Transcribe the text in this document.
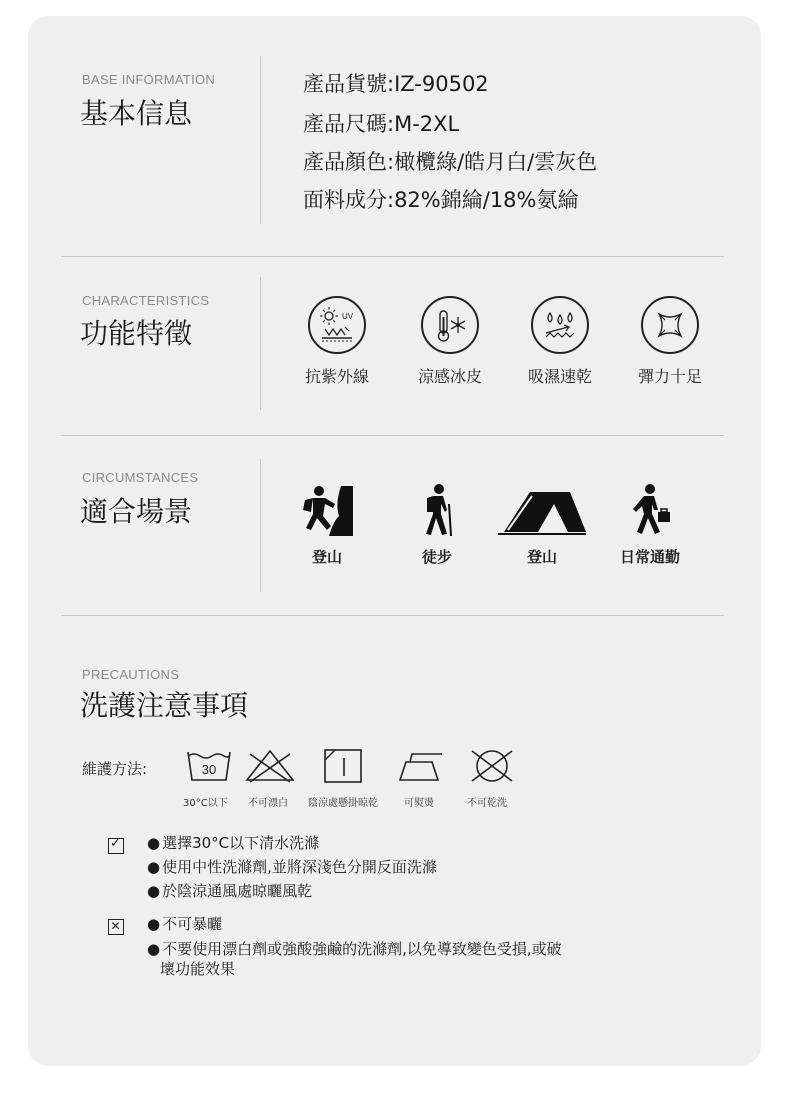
BASE INFORMATION
基本信息
產品貨號:IZ-90502
產品尺碼:M-2XL
產品顏色:橄欖綠/皓月白/雲灰色
面料成分:82%錦綸/18%氨綸
CHARACTERISTICS
功能特徵
UV
抗紫外線	涼感冰皮	吸濕速乾	彈力十足
CIRCUMSTANCES
適合場景
登山	徒步	登山	日常通勤
PRECAUTIONS
洗護注意事項
維護方法:	30
30°C以下 不可漂白 陰涼處懸掛晾乾	可熨燙	不可乾洗
✓	● 選擇30°C以下清水洗滌
● 使用中性洗滌劑,並將深淺色分開反面洗滌
● 於陰涼通風處晾曬風乾
✕	● 不可暴曬
● 不要使用漂白劑或強酸強鹼的洗滌劑,以免導致變色受損,或破
壞功能效果
